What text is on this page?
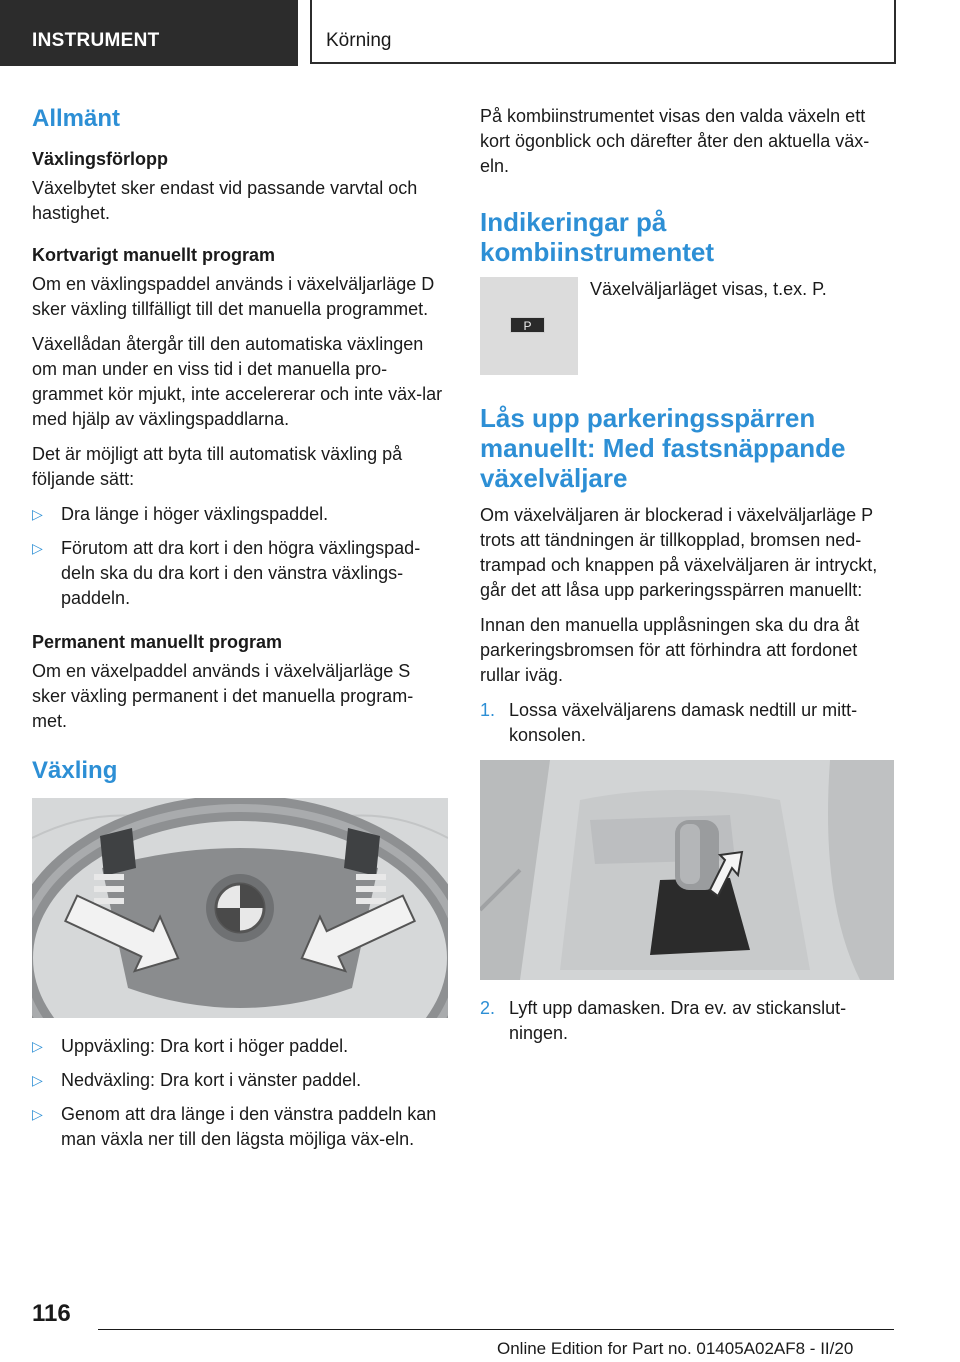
INSTRUMENT	Körning
Allmänt
Växlingsförlopp

Växelbytet sker endast vid passande varvtal och hastighet.

Kortvarigt manuellt program

Om en växlingspaddel används i växelväljarläge D sker växling tillfälligt till det manuella programmet.

Växellådan återgår till den automatiska växlingen om man under en viss tid i det manuella pro-grammet kör mjukt, inte accelererar och inte väx-lar med hjälp av växlingspaddlarna.

Det är möjligt att byta till automatisk växling på följande sätt:

▷ Dra länge i höger växlingspaddel.
▷ Förutom att dra kort i den högra växlingspad-deln ska du dra kort i den vänstra växlings-paddeln.
Permanent manuellt program

Om en växelpaddel används i växelväljarläge S sker växling permanent i det manuella program-met.

Växling
▷ Uppväxling: Dra kort i höger paddel.
▷ Nedväxling: Dra kort i vänster paddel.
▷ Genom att dra länge i den vänstra paddeln kan man växla ner till den lägsta möjliga väx-eln.

På kombiinstrumentet visas den valda växeln ett kort ögonblick och därefter åter den aktuella väx-eln.

Indikeringar på kombiinstrumentet
P

Växelväljarläget visas, t.ex. P.

Lås upp parkeringsspärren manuellt: Med fastsnäppande växelväljare

Om växelväljaren är blockerad i växelväljarläge P trots att tändningen är tillkopplad, bromsen ned-trampad och knappen på växelväljaren är intryckt, går det att låsa upp parkeringsspärren manuellt:

Innan den manuella upplåsningen ska du dra åt parkeringsbromsen för att förhindra att fordonet rullar iväg.

1. Lossa växelväljarens damask nedtill ur mitt-konsolen.
2. Lyft upp damasken. Dra ev. av stickanslut-ningen.
116
Online Edition for Part no. 01405A02AF8 - II/20
